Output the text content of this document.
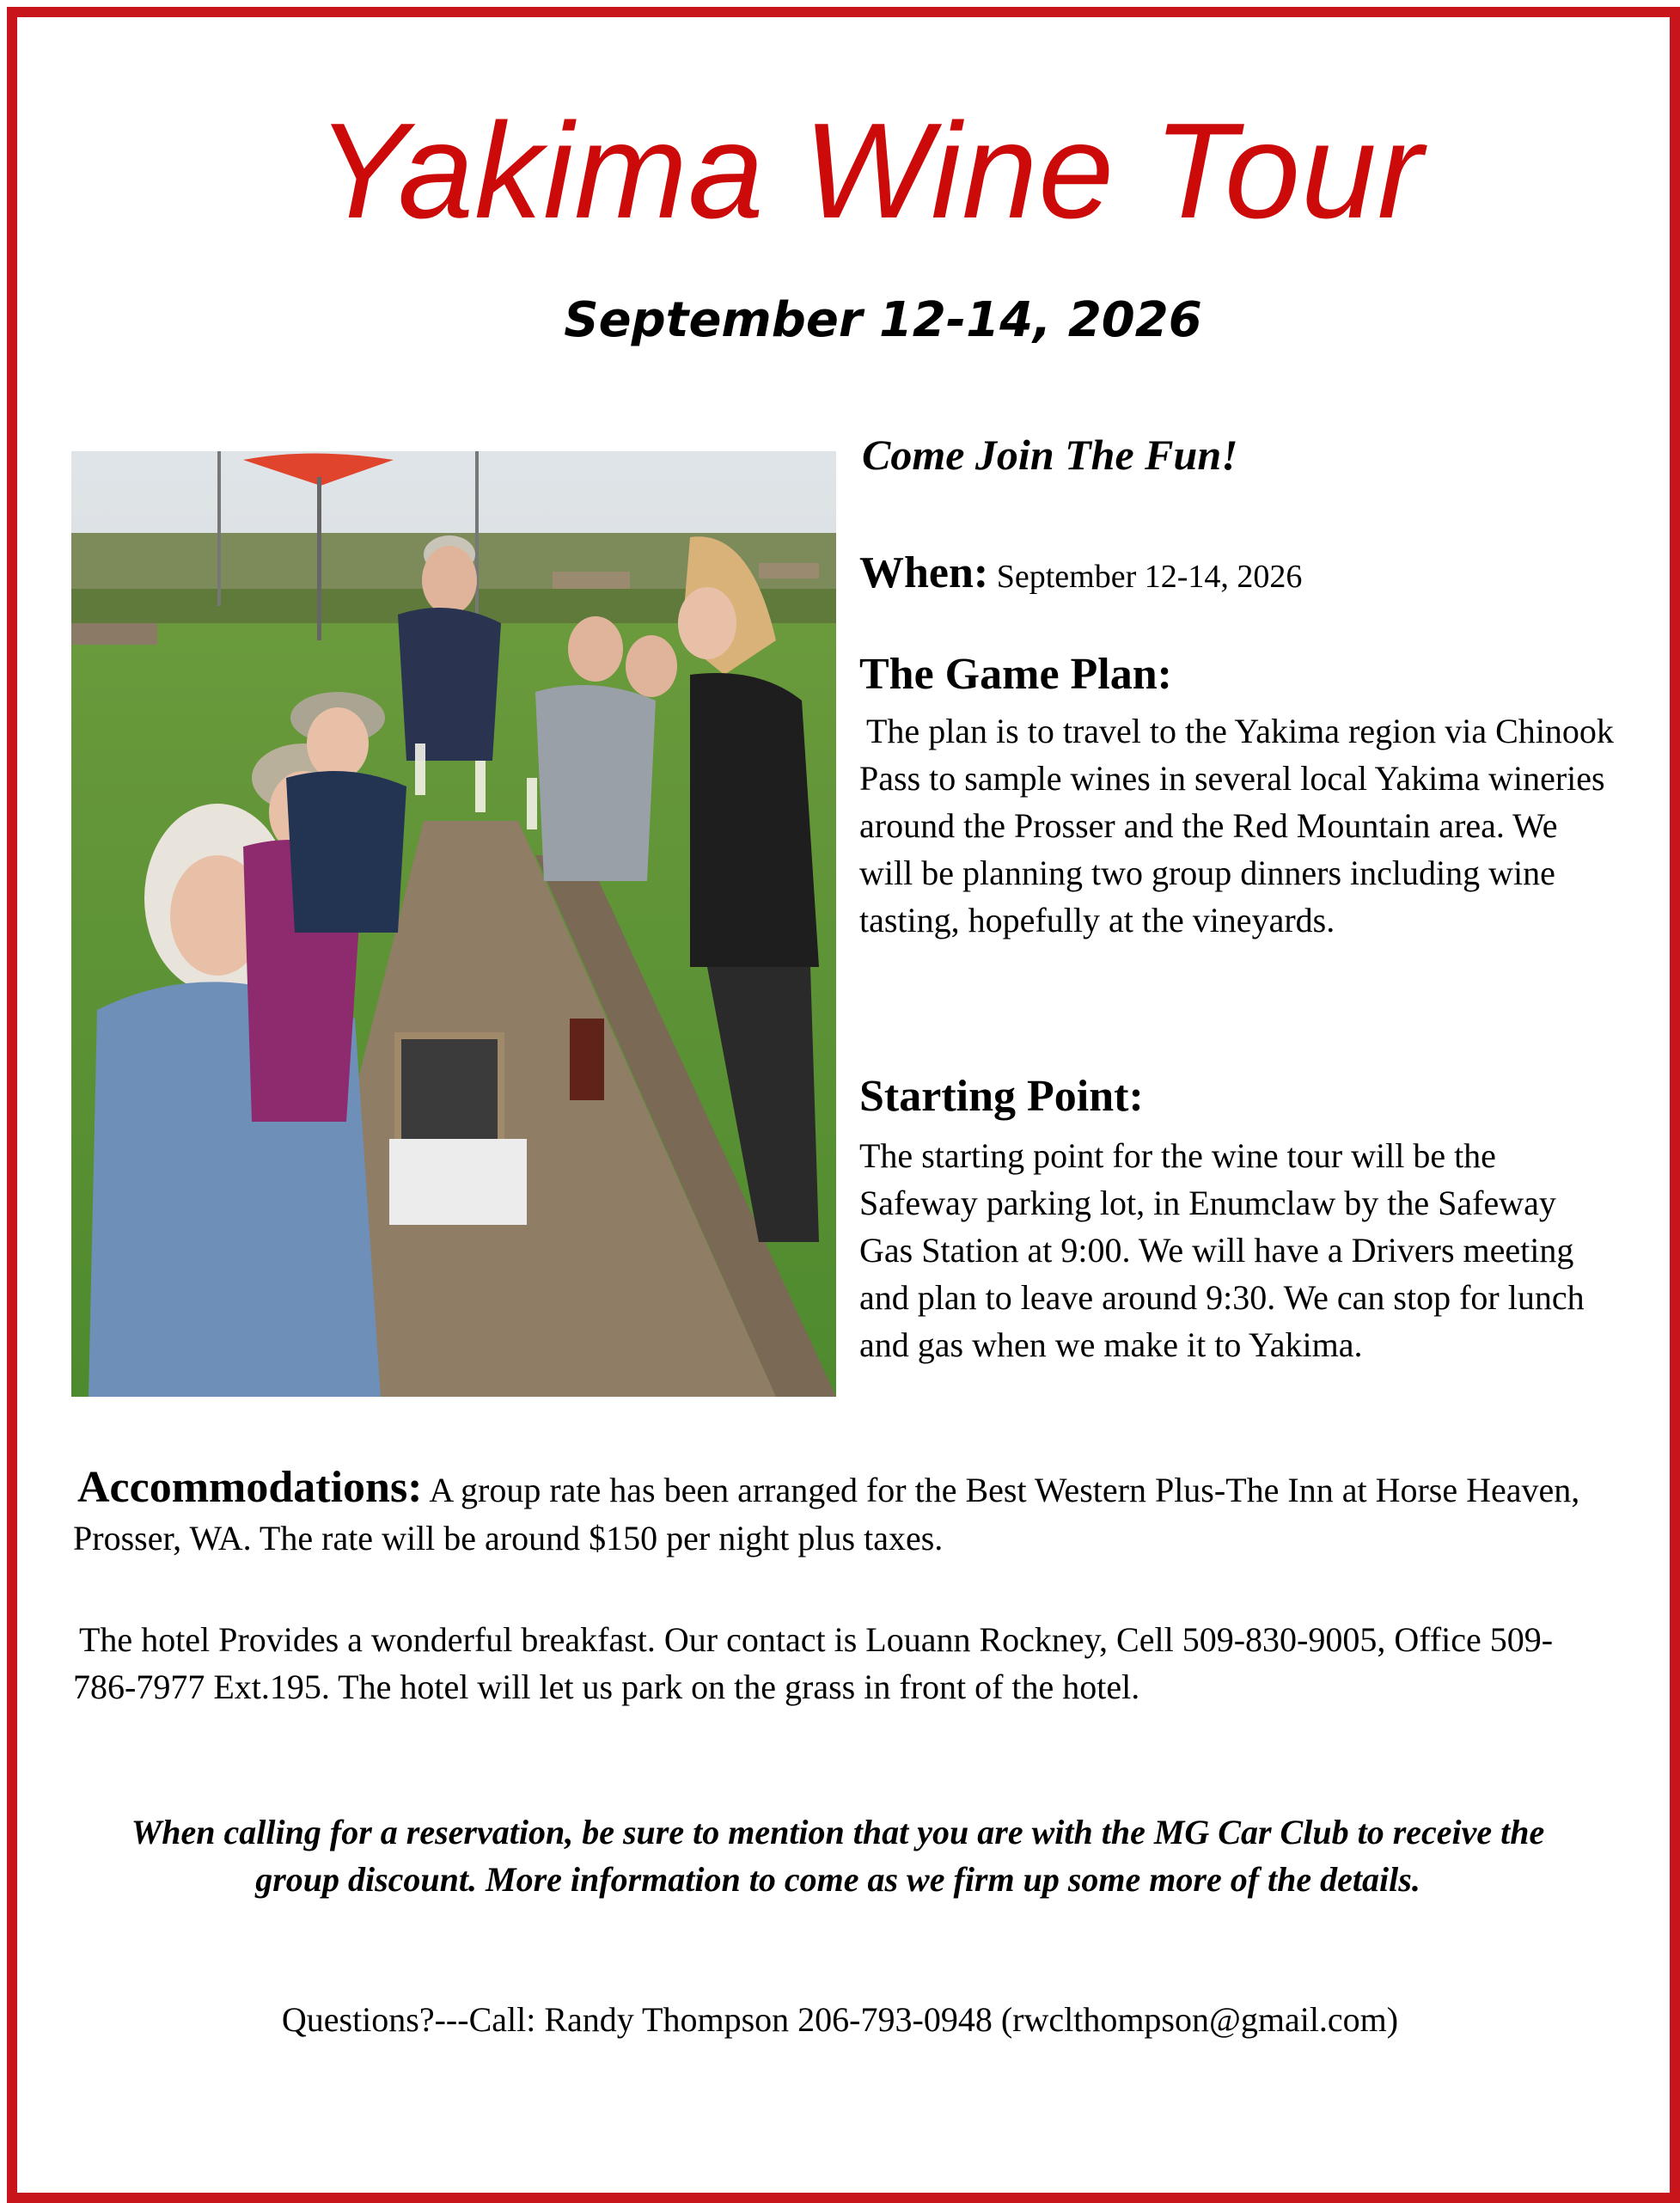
Yakima Wine Tour
September 12-14, 2026
Come Join The Fun!
When: September 12-14, 2026
The Game Plan:
The plan is to travel to the Yakima region via Chinook Pass to sample wines in several local Yakima wineries around the Prosser and the Red Mountain area. We will be planning two group dinners including wine tasting, hopefully at the vineyards.
Starting Point:
The starting point for the wine tour will be the Safeway parking lot, in Enumclaw by the Safeway Gas Station at 9:00. We will have a Drivers meeting and plan to leave around 9:30. We can stop for lunch and gas when we make it to Yakima.
Accommodations: A group rate has been arranged for the Best Western Plus-The Inn at Horse Heaven, Prosser, WA. The rate will be around $150 per night plus taxes.
The hotel Provides a wonderful breakfast. Our contact is Louann Rockney, Cell 509-830-9005, Office 509-786-7977 Ext.195. The hotel will let us park on the grass in front of the hotel.
When calling for a reservation, be sure to mention that you are with the MG Car Club to receive the group discount. More information to come as we firm up some more of the details.
Questions?---Call: Randy Thompson 206-793-0948 (rwclthompson@gmail.com)
